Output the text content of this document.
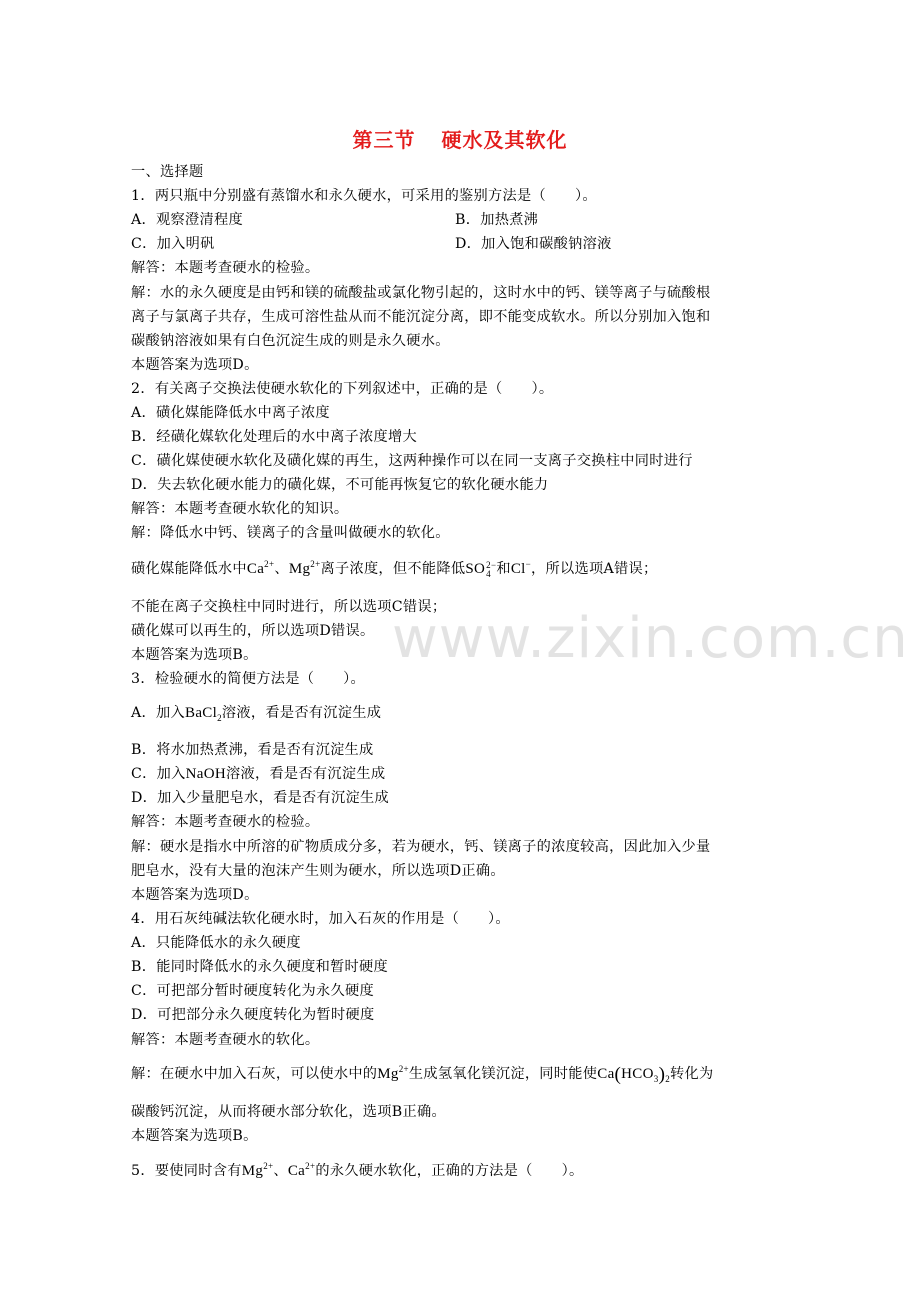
www.zixin.com.cn
第三节 硬水及其软化
一、选择题
1．两只瓶中分别盛有蒸馏水和永久硬水，可采用的鉴别方法是（　　）。
A．观察澄清程度	B．加热煮沸
C．加入明矾	D．加入饱和碳酸钠溶液
解答：本题考查硬水的检验。
解：水的永久硬度是由钙和镁的硫酸盐或氯化物引起的，这时水中的钙、镁等离子与硫酸根
离子与氯离子共存，生成可溶性盐从而不能沉淀分离，即不能变成软水。所以分别加入饱和
碳酸钠溶液如果有白色沉淀生成的则是永久硬水。
本题答案为选项D。
2．有关离子交换法使硬水软化的下列叙述中，正确的是（　　）。
A．磺化媒能降低水中离子浓度
B．经磺化媒软化处理后的水中离子浓度增大
C．磺化媒使硬水软化及磺化媒的再生，这两种操作可以在同一支离子交换柱中同时进行
D．失去软化硬水能力的磺化媒，不可能再恢复它的软化硬水能力
解答：本题考查硬水软化的知识。
解：降低水中钙、镁离子的含量叫做硬水的软化。
磺化媒能降低水中$Ca^{2+}$、$Mg^{2+}$离子浓度，但不能降低SO 2−
4 和Cl−，所以选项A错误；
不能在离子交换柱中同时进行，所以选项C错误；
磺化媒可以再生的，所以选项D错误。
本题答案为选项B。
3．检验硬水的简便方法是（　　）。
A．加入BaCl$_2$溶液，看是否有沉淀生成
B．将水加热煮沸，看是否有沉淀生成
C．加入NaOH溶液，看是否有沉淀生成
D．加入少量肥皂水，看是否有沉淀生成
解答：本题考查硬水的检验。
解：硬水是指水中所溶的矿物质成分多，若为硬水，钙、镁离子的浓度较高，因此加入少量
肥皂水，没有大量的泡沫产生则为硬水，所以选项D正确。
本题答案为选项D。
4．用石灰纯碱法软化硬水时，加入石灰的作用是（　　）。
A．只能降低水的永久硬度
B．能同时降低水的永久硬度和暂时硬度
C．可把部分暂时硬度转化为永久硬度
D．可把部分永久硬度转化为暂时硬度
解答：本题考查硬水的软化。
解：在硬水中加入石灰，可以使水中的$Mg^{2+}$生成氢氧化镁沉淀，同时能使$Ca(HCO_3)_2$转化为
碳酸钙沉淀，从而将硬水部分软化，选项B正确。
本题答案为选项B。
5．要使同时含有$Mg^{2+}$、$Ca^{2+}$的永久硬水软化，正确的方法是（　　）。
